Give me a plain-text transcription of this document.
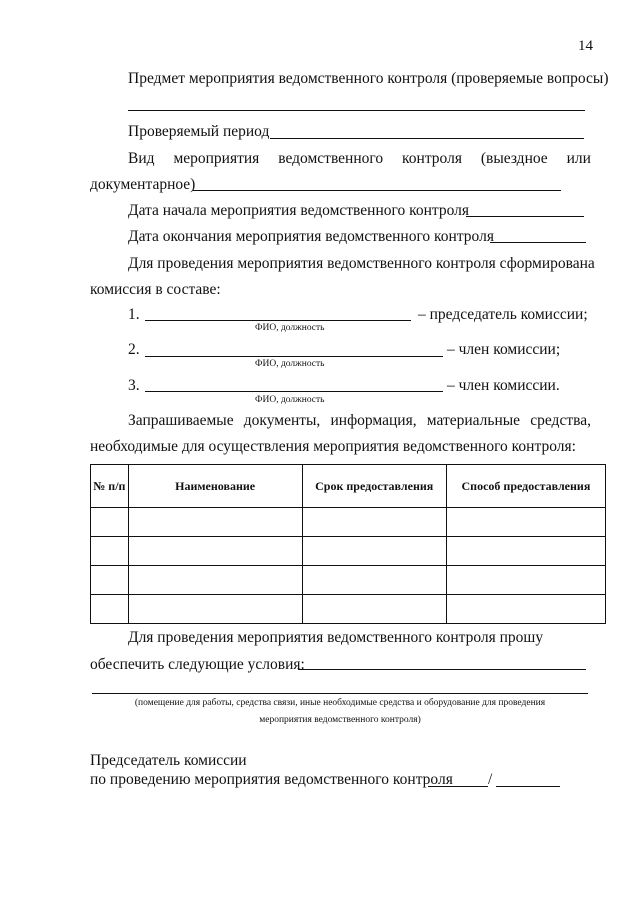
14
Предмет мероприятия ведомственного контроля (проверяемые вопросы)
Проверяемый период
Вид мероприятия ведомственного контроля (выездное или
документарное)
Дата начала мероприятия ведомственного контроля
Дата окончания мероприятия ведомственного контроля
Для проведения мероприятия ведомственного контроля сформирована
комиссия в составе:
1.	– председатель комиссии;
ФИО, должность
2.	– член комиссии;
ФИО, должность
3.	– член комиссии.
ФИО, должность
Запрашиваемые документы, информация, материальные средства,
необходимые для осуществления мероприятия ведомственного контроля:
№ п/п	Наименование	Срок предоставления	Способ предоставления

Для проведения мероприятия ведомственного контроля прошу
обеспечить следующие условия:
(помещение для работы, средства связи, иные необходимые средства и оборудование для проведения
мероприятия ведомственного контроля)
Председатель комиссии
по проведению мероприятия ведомственного контроля /
